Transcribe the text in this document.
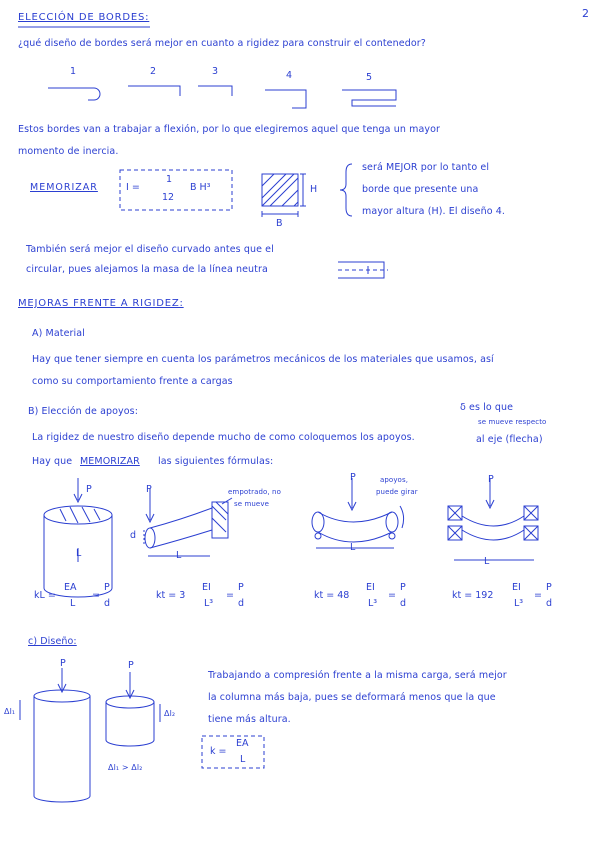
2
ELECCIÓN DE BORDES:
¿qué diseño de bordes será mejor en cuanto a rigidez para construir el contenedor?
1	2	3	4	5
Estos bordes van a trabajar a flexión, por lo que elegiremos aquel que tenga un mayor
momento de inercia.
MEMORIZAR	I =
1
12
B H³	H
B
será MEJOR por lo tanto el
borde que presente una
mayor altura (H). El diseño 4.
También será mejor el diseño curvado antes que el
circular, pues alejamos la masa de la línea neutra
MEJORAS FRENTE A RIGIDEZ:
A) Material
Hay que tener siempre en cuenta los parámetros mecánicos de los materiales que usamos, así
como su comportamiento frente a cargas
B) Elección de apoyos:	δ es lo que
se mueve respecto
al eje (flecha)
La rigidez de nuestro diseño depende mucho de como coloquemos los apoyos.
Hay que MEMORIZAR las siguientes fórmulas:
P	P
P	P
L
d
L
L
L
empotrado, no
se mueve
apoyos,
puede girar
kL =
EA
L
=
P
d
kt = 3
EI
L³
=
P
d
kt = 48
EI
L³
=
P
d
kt = 192
EI
L³
=
P
d
c) Diseño:
P	P
Δl₁	Δl₂
Δl₁ > Δl₂
Trabajando a compresión frente a la misma carga, será mejor
la columna más baja, pues se deformará menos que la que
tiene más altura.
k =
EA
L
